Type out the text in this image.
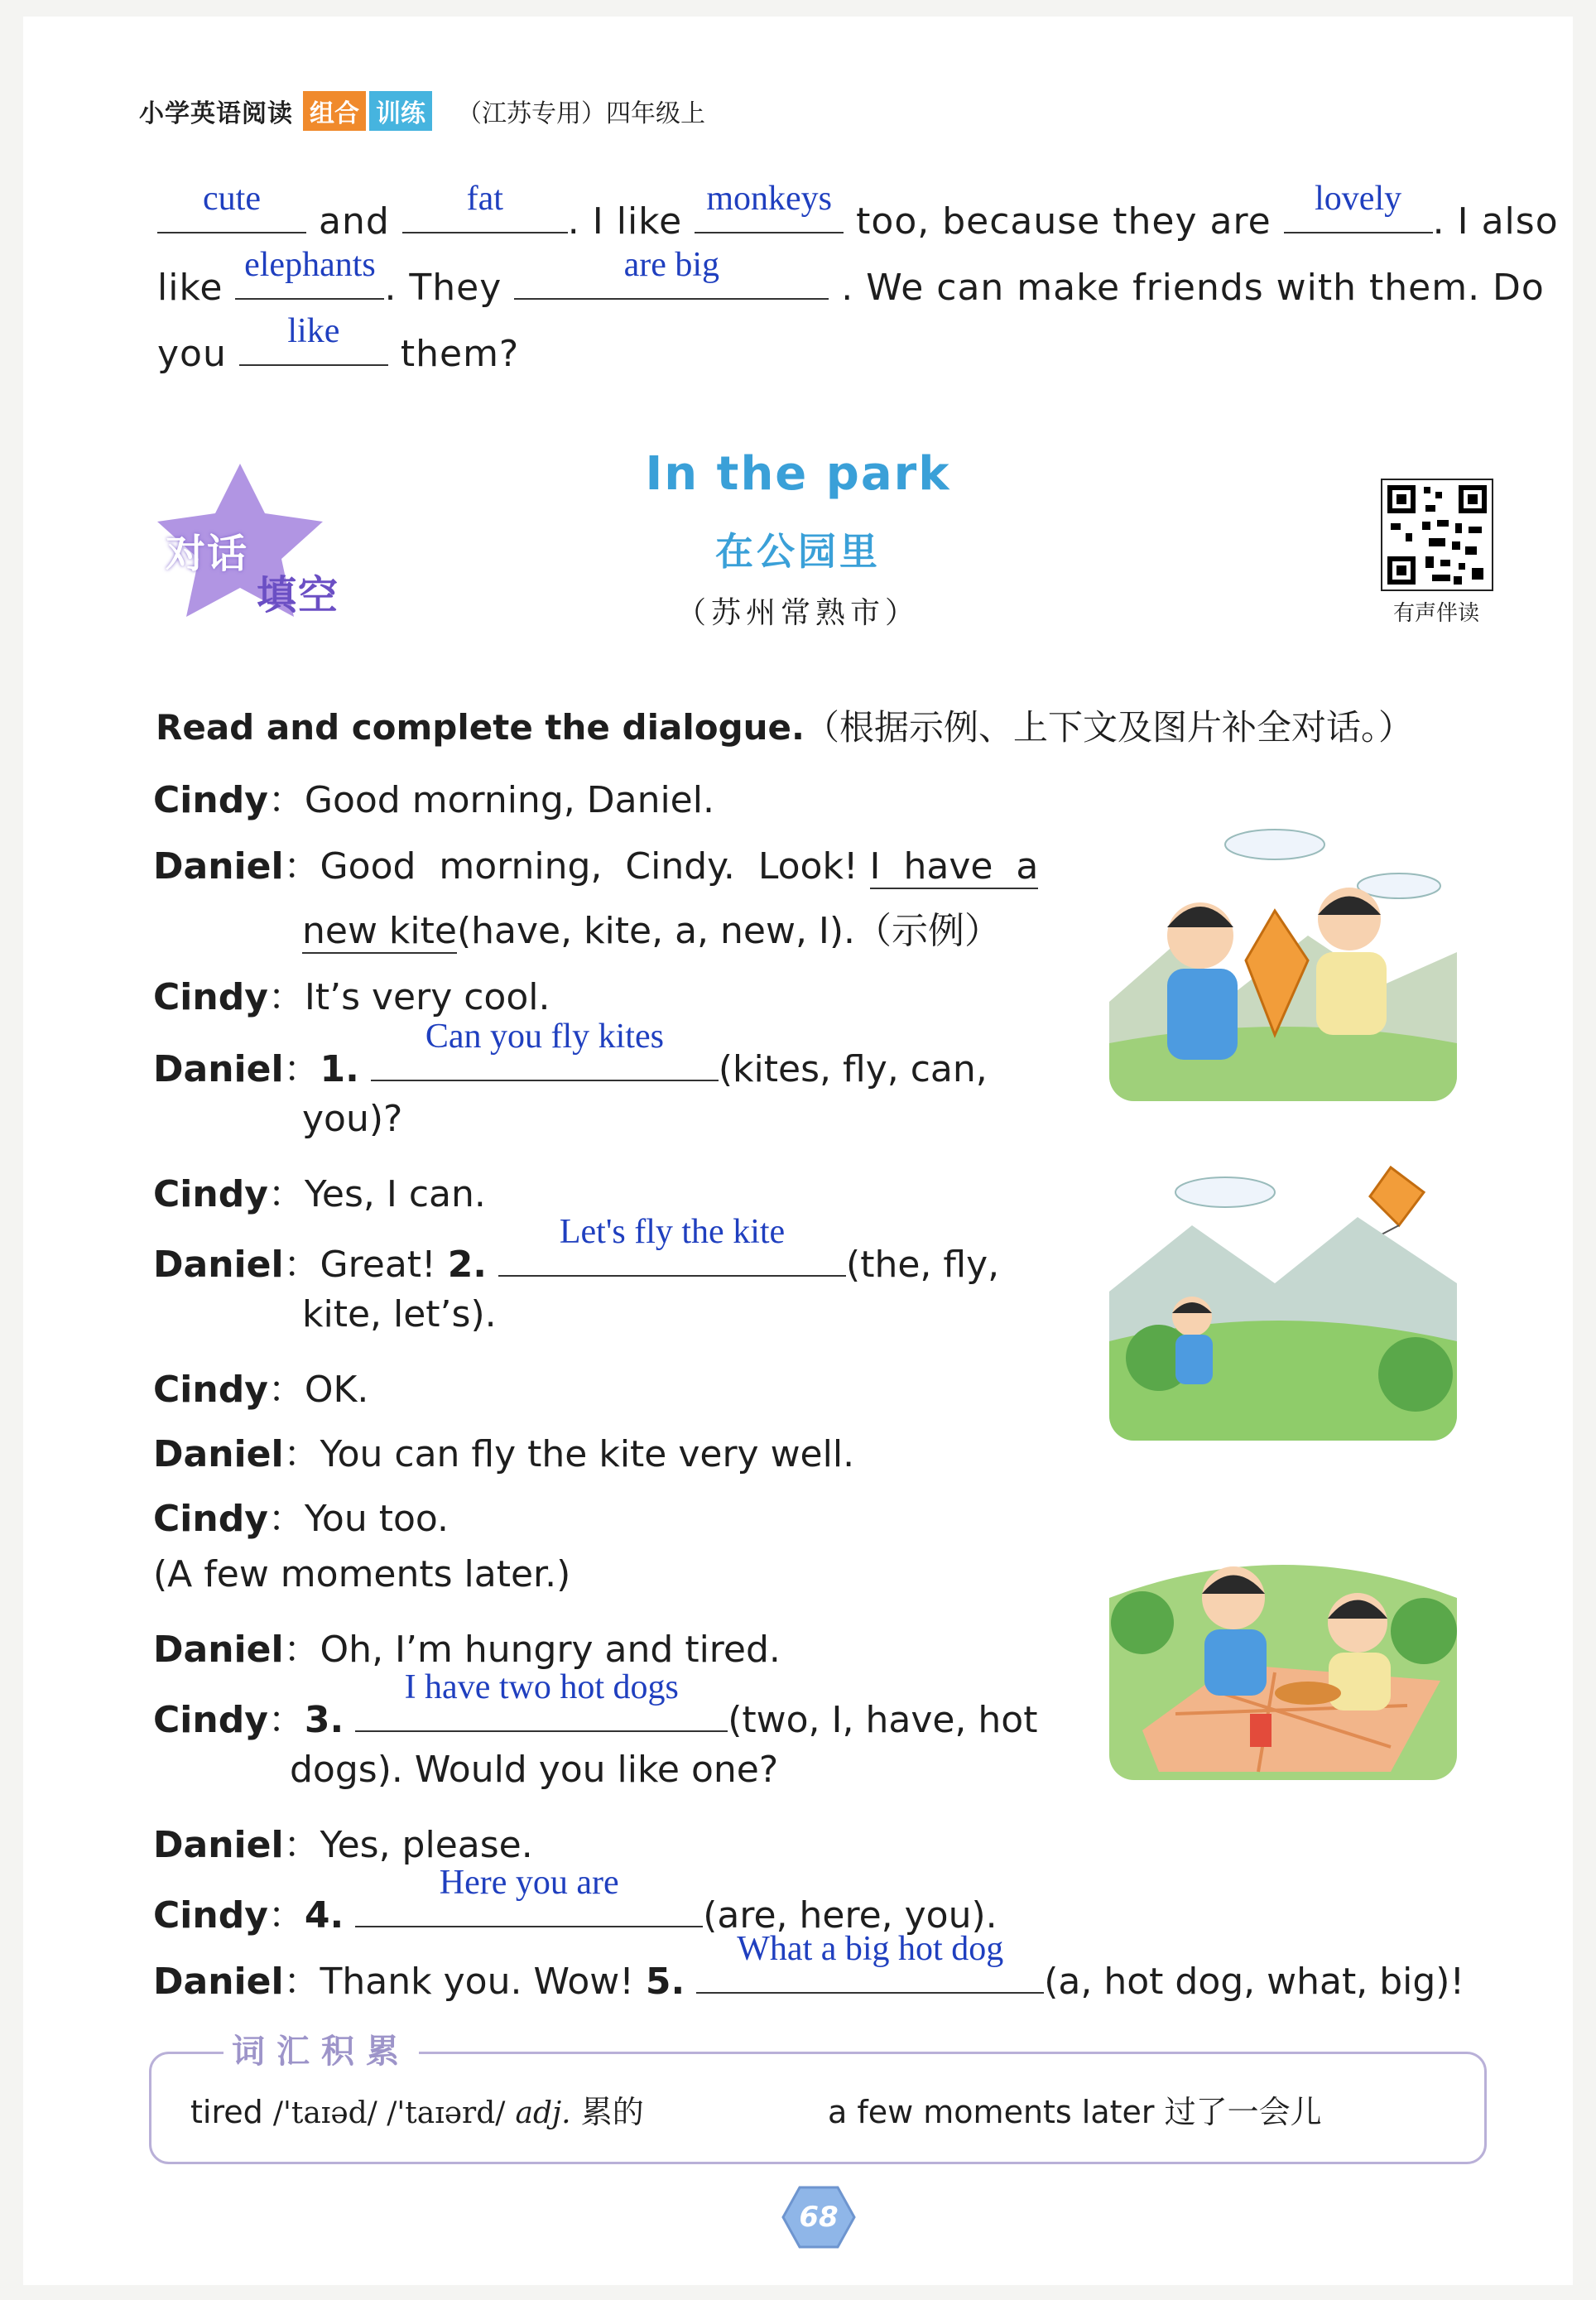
小学英语阅读 组合 训练 （江苏专用）四年级上
cute
and
fat
. I like
monkeys
too, because they are
lovely
. I also
like
elephants
. They
are big
. We can make friends with them. Do
you
like
them?
对话
填空
In the park
在公园里
（苏州常熟市）	有声伴读
Read and complete the dialogue.（根据示例、上下文及图片补全对话。）
Cindy：Good morning, Daniel.
Daniel：Good  morning,  Cindy.  Look! I  have  a
new kite(have, kite, a, new, I).（示例）
Cindy：It’s very cool.
Daniel：1.
Can you fly kites
(kites, fly, can,
you)?
Cindy：Yes, I can.
Daniel：Great! 2.
Let's fly the kite
(the, fly,
kite, let’s).
Cindy：OK.
Daniel：You can fly the kite very well.
Cindy：You too.
(A few moments later.)
Daniel：Oh, I’m hungry and tired.
Cindy：3.
I have two hot dogs
(two, I, have, hot
dogs). Would you like one?
Daniel：Yes, please.
Cindy：4.
Here you are
(are, here, you).
Daniel：Thank you. Wow! 5.
What a big hot dog
(a, hot dog, what, big)!
词汇积累
tired /'taɪəd/ /'taɪərd/ adj. 累的	a few moments later 过了一会儿
68
